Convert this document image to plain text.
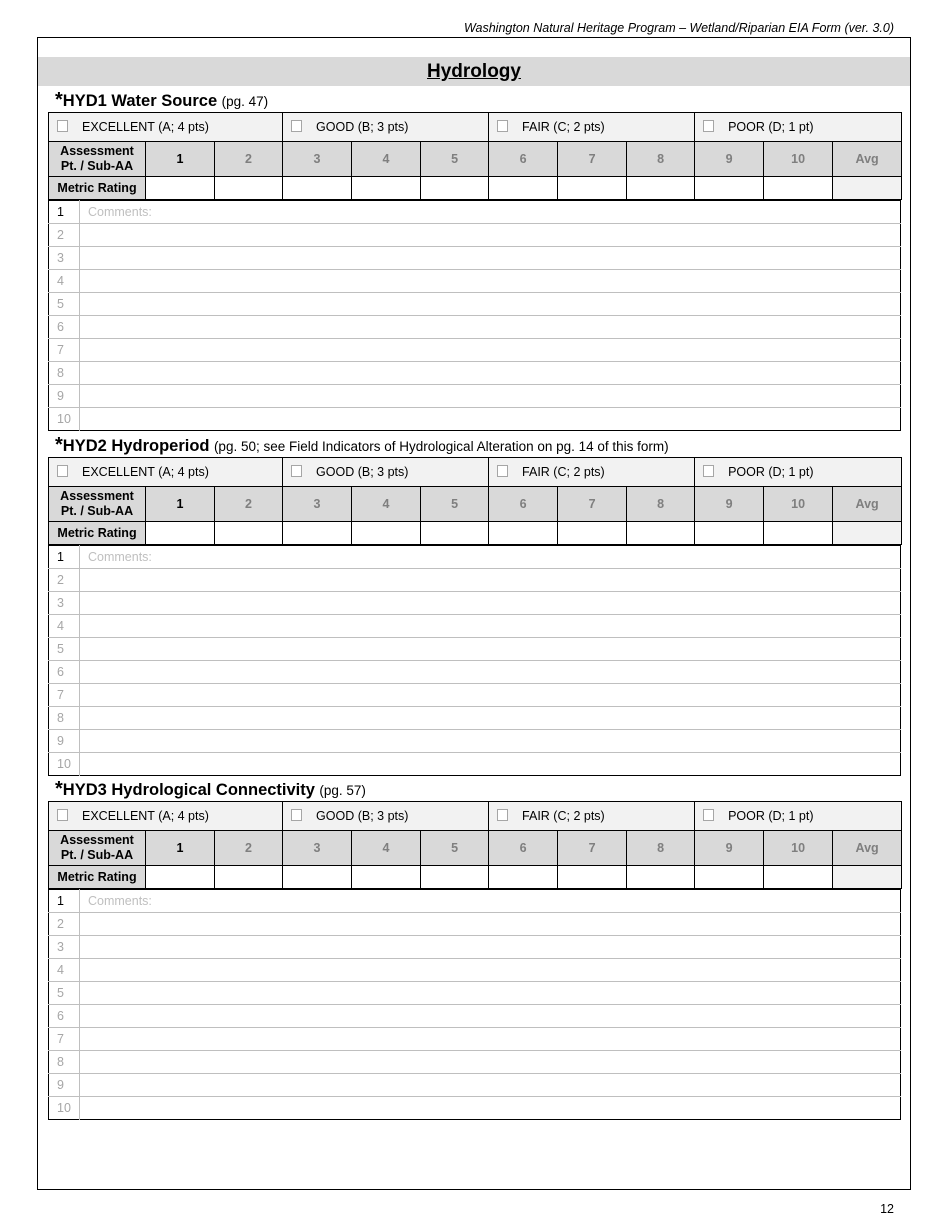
Washington Natural Heritage Program – Wetland/Riparian EIA Form (ver. 3.0)
Hydrology
*HYD1 Water Source (pg. 47)
EXCELLENT (A; 4 pts)			GOOD (B; 3 pts)			FAIR (C; 2 pts)			POOR (D; 1 pt)		
Assessment
Pt. / Sub-AA	1	2	3	4	5	6	7	8	9	10	Avg
Metric Rating											
1	Comments:
2	
3	
4	
5	
6	
7	
8	
9	
10	
*HYD2 Hydroperiod (pg. 50; see Field Indicators of Hydrological Alteration on pg. 14 of this form)
EXCELLENT (A; 4 pts)			GOOD (B; 3 pts)			FAIR (C; 2 pts)			POOR (D; 1 pt)		
Assessment
Pt. / Sub-AA	1	2	3	4	5	6	7	8	9	10	Avg
Metric Rating											
1	Comments:
2	
3	
4	
5	
6	
7	
8	
9	
10	
*HYD3 Hydrological Connectivity (pg. 57)
EXCELLENT (A; 4 pts)			GOOD (B; 3 pts)			FAIR (C; 2 pts)			POOR (D; 1 pt)		
Assessment
Pt. / Sub-AA	1	2	3	4	5	6	7	8	9	10	Avg
Metric Rating											
1	Comments:
2	
3	
4	
5	
6	
7	
8	
9	
10	
12
